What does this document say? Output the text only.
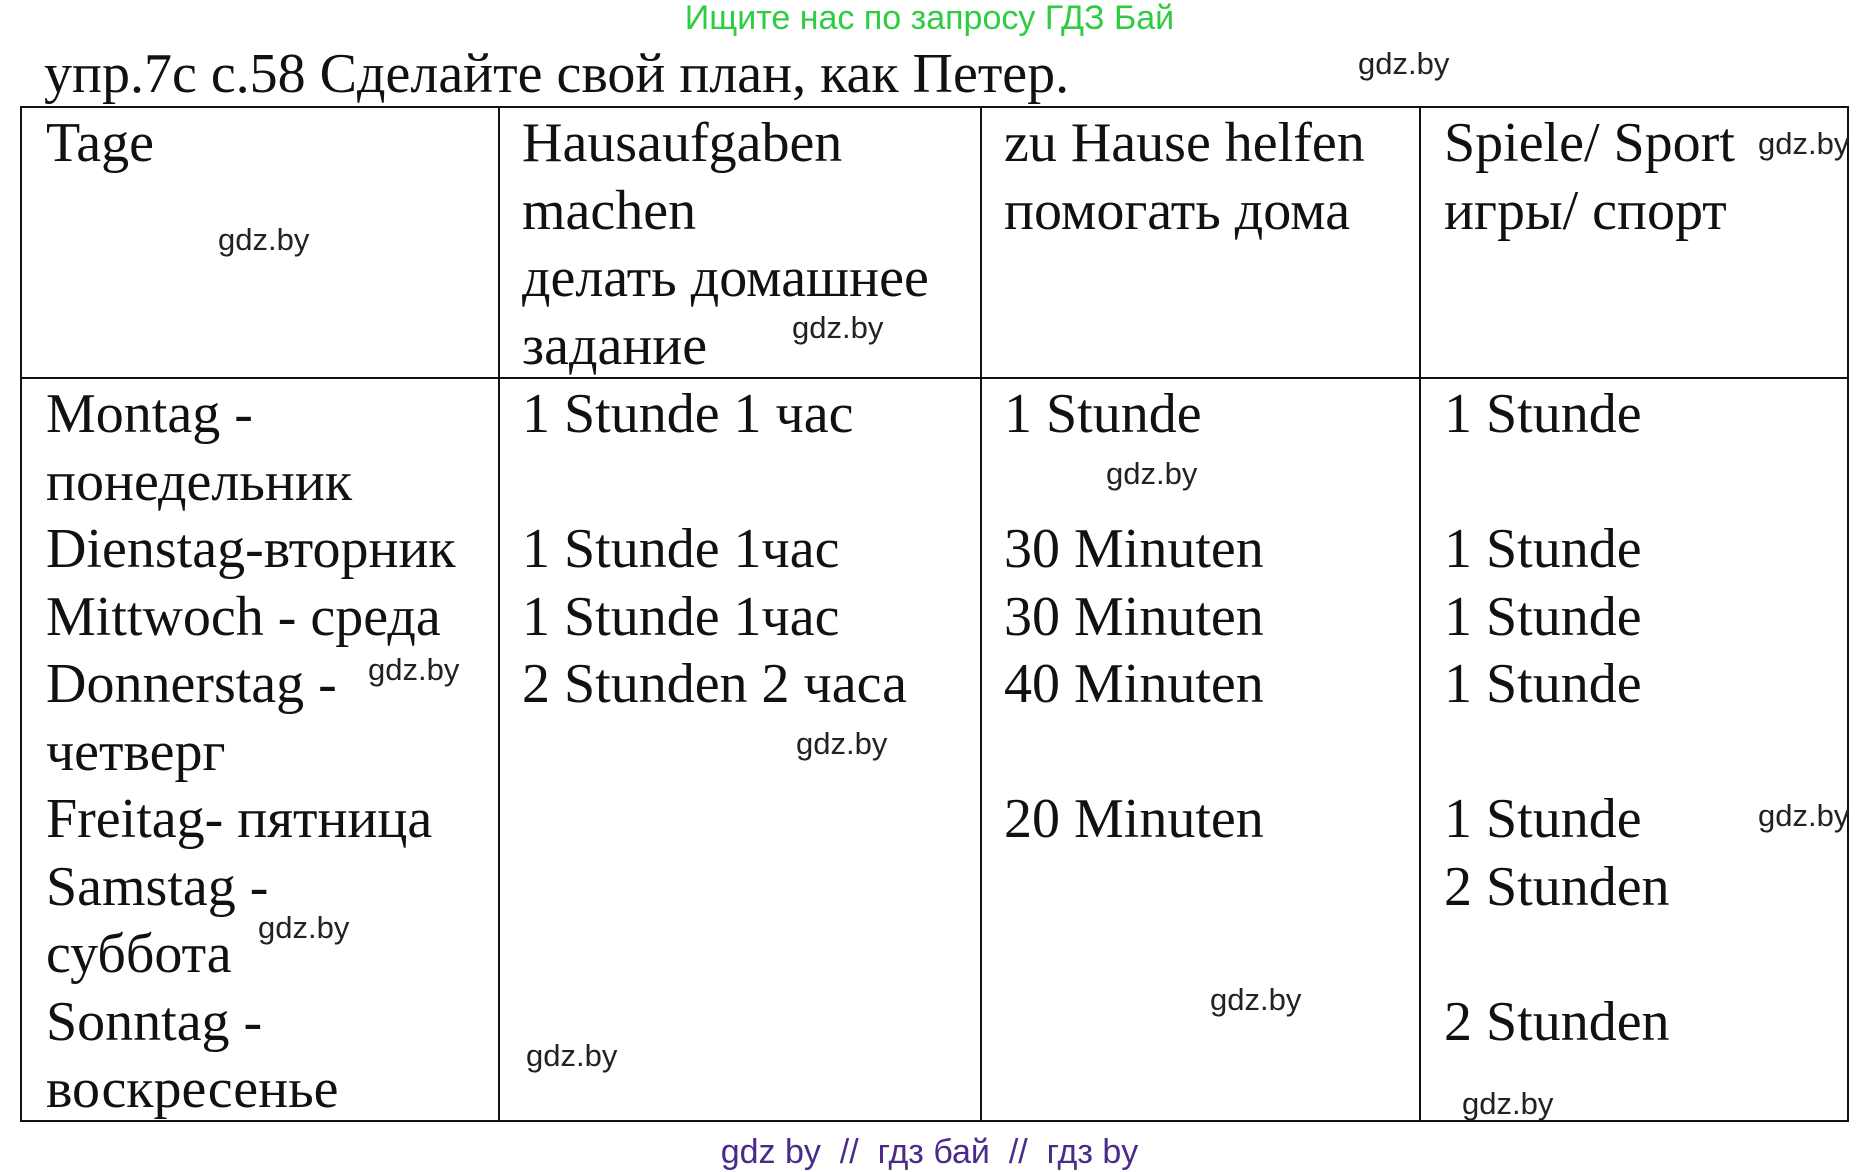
Ищите нас по запросу ГДЗ Бай
упр.7c с.58 Сделайте свой план, как Петер.
Tage	Hausaufgaben
machen
делать домашнее
задание
zu Hause helfen
помогать дома
Spiele/ Sport
игры/ спорт
Montag -
понедельник
Dienstag-вторник
Mittwoch - среда
Donnerstag -
четверг
Freitag- пятница
Samstag -
суббота
Sonntag -
воскресенье
1 Stunde 1 час
1 Stunde 1час
1 Stunde 1час
2 Stunden 2 часа
1 Stunde
30 Minuten
30 Minuten
40 Minuten
20 Minuten
1 Stunde
1 Stunde
1 Stunde
1 Stunde
1 Stunde
2 Stunden
2 Stunden
gdz.by
gdz.by
gdz.by
gdz.by
gdz.by
gdz.by
gdz.by
gdz.by
gdz.by
gdz.by
gdz.by
gdz.by
gdz by  //  гдз бай  //  гдз by
